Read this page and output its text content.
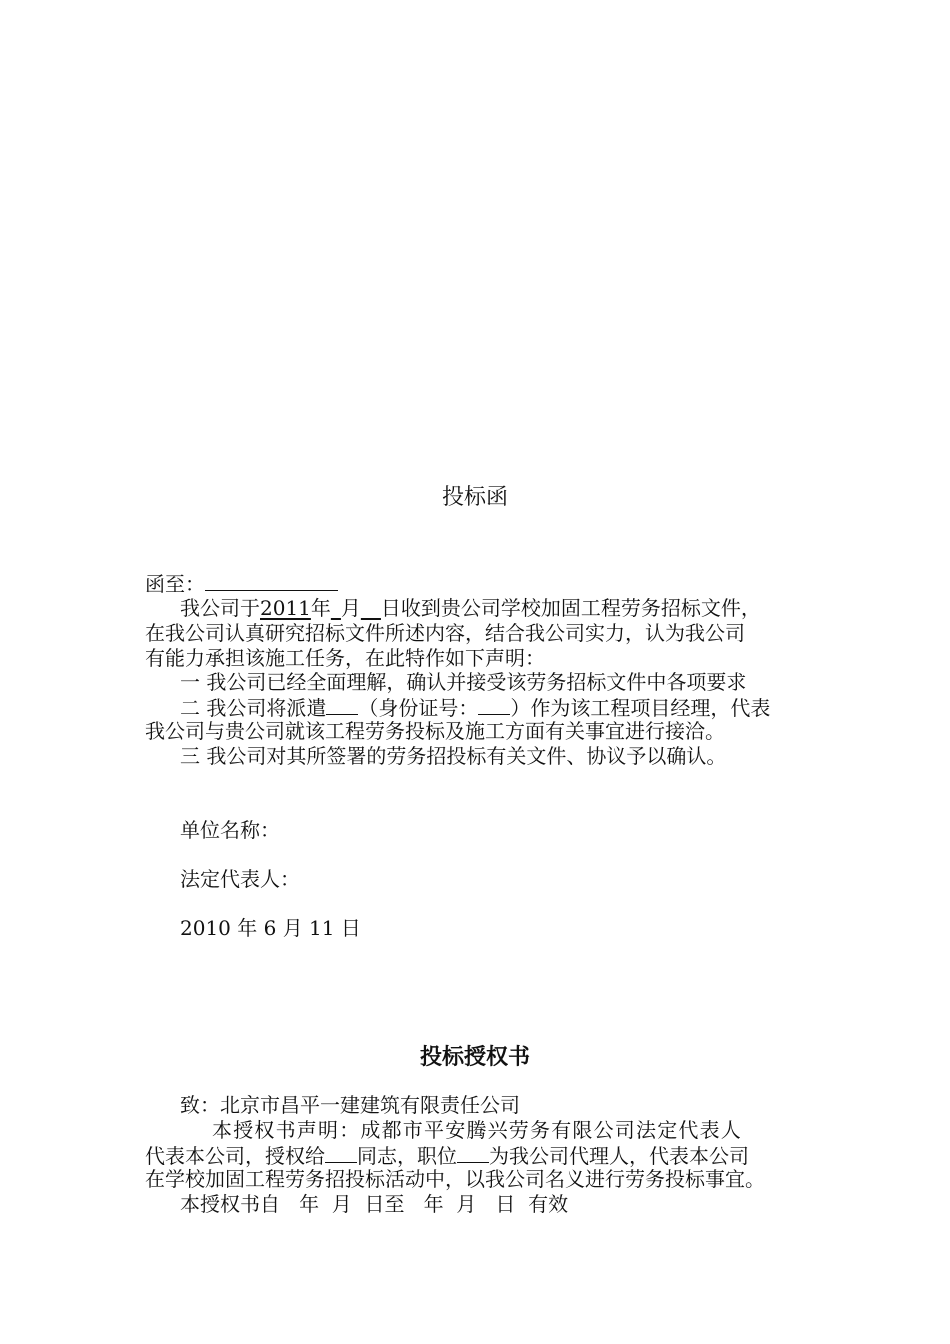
投标函
函至：
我公司于2011年_月__日收到贵公司学校加固工程劳务招标文件，
在我公司认真研究招标文件所述内容，结合我公司实力，认为我公司
有能力承担该施工任务，在此特作如下声明：
一 我公司已经全面理解，确认并接受该劳务招标文件中各项要求
二 我公司将派遣 （身份证号： ）作为该工程项目经理，代表
我公司与贵公司就该工程劳务投标及施工方面有关事宜进行接洽。
三 我公司对其所签署的劳务招投标有关文件、协议予以确认。
单位名称：
法定代表人：
2010 年 6 月 11 日
投标授权书
致：北京市昌平一建建筑有限责任公司
本授权书声明：成都市平安腾兴劳务有限公司法定代表人
代表本公司，授权给 同志，职位 为我公司代理人，代表本公司
在学校加固工程劳务招投标活动中，以我公司名义进行劳务投标事宜。
本授权书自   年  月  日至   年  月   日  有效
